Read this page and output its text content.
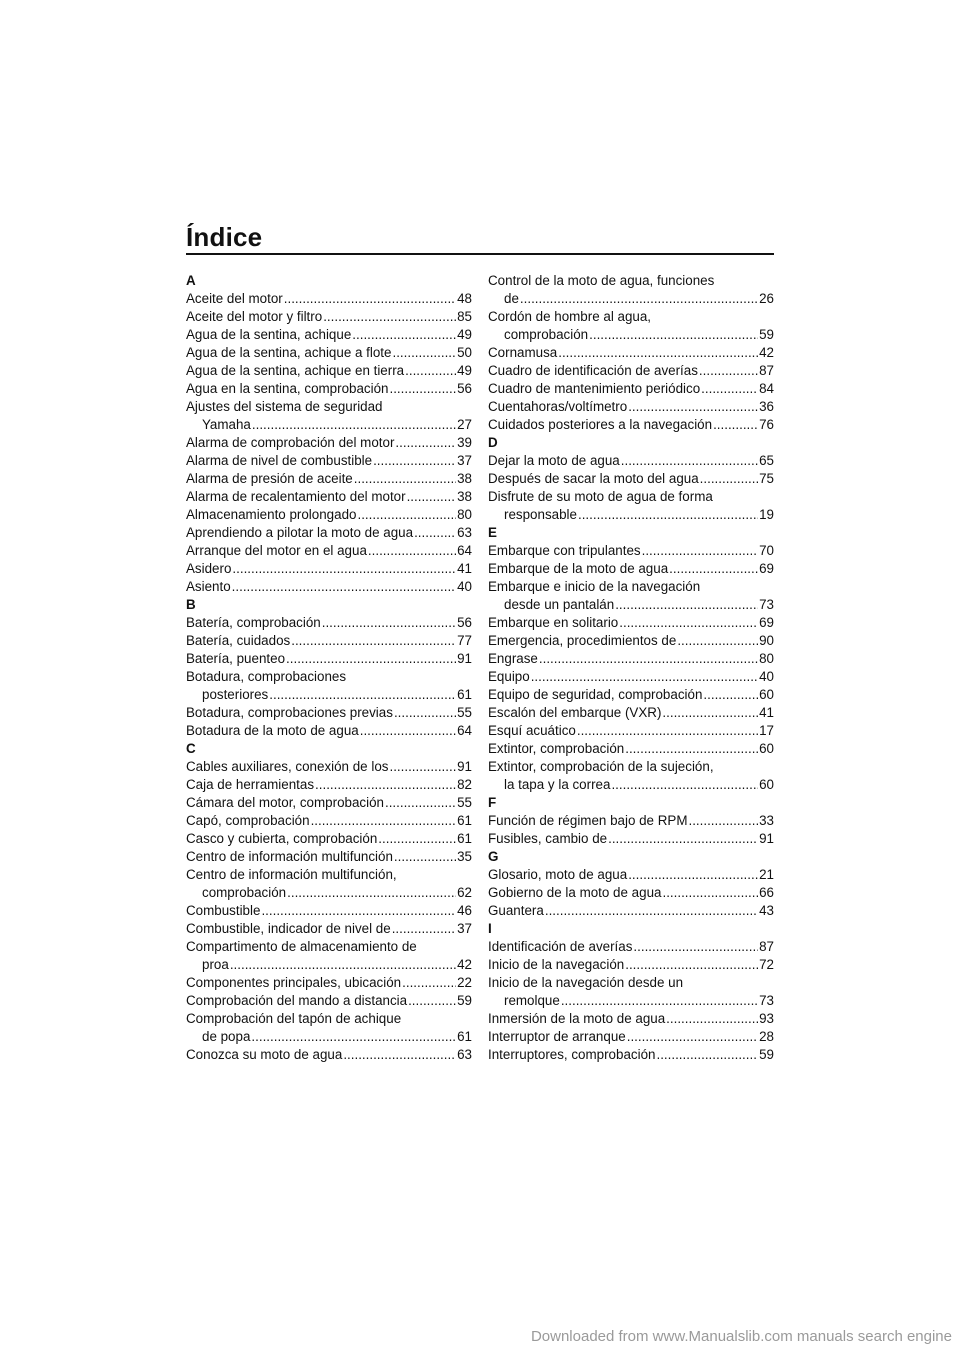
Índice
A
Aceite del motor .....	48
Aceite del motor y filtro .....	85
Agua de la sentina, achique .....	49
Agua de la sentina, achique a flote .....	50
Agua de la sentina, achique en tierra .....	49
Agua en la sentina, comprobación .....	56
Ajustes del sistema de seguridad
Yamaha .....	27
Alarma de comprobación del motor .....	39
Alarma de nivel de combustible .....	37
Alarma de presión de aceite .....	38
Alarma de recalentamiento del motor .....	38
Almacenamiento prolongado .....	80
Aprendiendo a pilotar la moto de agua .....	63
Arranque del motor en el agua .....	64
Asidero .....	41
Asiento .....	40
B
Batería, comprobación .....	56
Batería, cuidados .....	77
Batería, puenteo .....	91
Botadura, comprobaciones
posteriores .....	61
Botadura, comprobaciones previas .....	55
Botadura de la moto de agua .....	64
C
Cables auxiliares, conexión de los .....	91
Caja de herramientas .....	82
Cámara del motor, comprobación .....	55
Capó, comprobación .....	61
Casco y cubierta, comprobación .....	61
Centro de información multifunción .....	35
Centro de información multifunción,
comprobación .....	62
Combustible .....	46
Combustible, indicador de nivel de .....	37
Compartimento de almacenamiento de
proa .....	42
Componentes principales, ubicación .....	22
Comprobación del mando a distancia .....	59
Comprobación del tapón de achique
de popa .....	61
Conozca su moto de agua .....	63
Control de la moto de agua, funciones
de .....	26
Cordón de hombre al agua,
comprobación .....	59
Cornamusa .....	42
Cuadro de identificación de averías .....	87
Cuadro de mantenimiento periódico .....	84
Cuentahoras/voltímetro .....	36
Cuidados posteriores a la navegación .....	76
D
Dejar la moto de agua .....	65
Después de sacar la moto del agua .....	75
Disfrute de su moto de agua de forma
responsable .....	19
E
Embarque con tripulantes .....	70
Embarque de la moto de agua .....	69
Embarque e inicio de la navegación
desde un pantalán .....	73
Embarque en solitario .....	69
Emergencia, procedimientos de .....	90
Engrase .....	80
Equipo .....	40
Equipo de seguridad, comprobación .....	60
Escalón del embarque (VXR) .....	41
Esquí acuático .....	17
Extintor, comprobación .....	60
Extintor, comprobación de la sujeción,
la tapa y la correa .....	60
F
Función de régimen bajo de RPM .....	33
Fusibles, cambio de .....	91
G
Glosario, moto de agua .....	21
Gobierno de la moto de agua .....	66
Guantera .....	43
I
Identificación de averías .....	87
Inicio de la navegación .....	72
Inicio de la navegación desde un
remolque .....	73
Inmersión de la moto de agua .....	93
Interruptor de arranque .....	28
Interruptores, comprobación .....	59
Downloaded from www.Manualslib.com manuals search engine
